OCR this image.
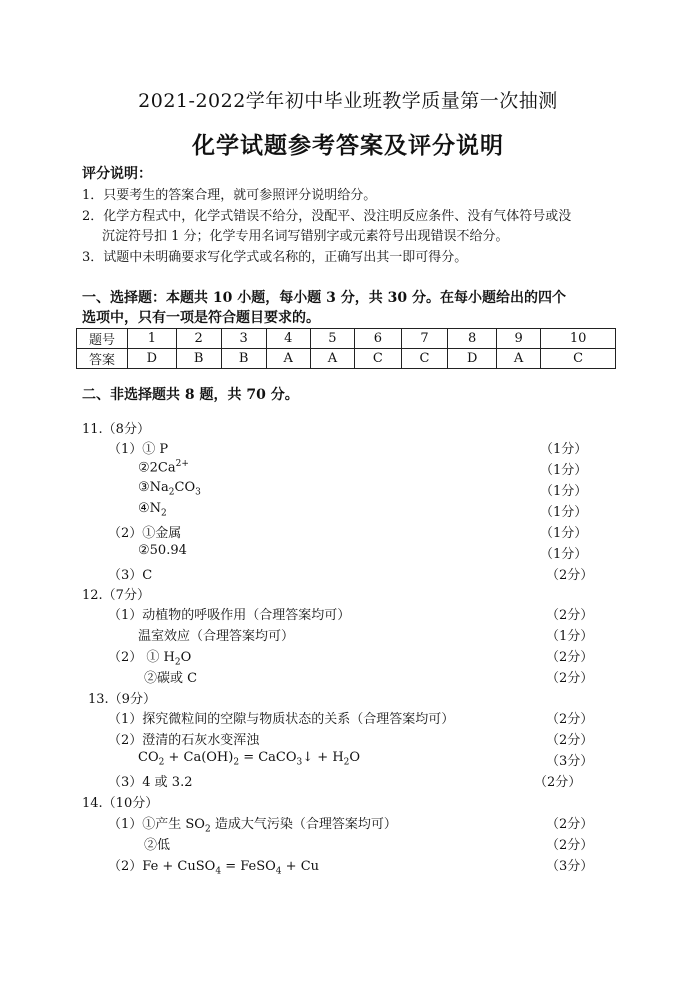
2021-2022学年初中毕业班教学质量第一次抽测
化学试题参考答案及评分说明
评分说明：
1．只要考生的答案合理，就可参照评分说明给分。
2．化学方程式中，化学式错误不给分，没配平、没注明反应条件、没有气体符号或没
沉淀符号扣 1 分；化学专用名词写错别字或元素符号出现错误不给分。
3．试题中未明确要求写化学式或名称的，正确写出其一即可得分。
一、选择题：本题共 10 小题，每小题 3 分，共 30 分。在每小题给出的四个
选项中，只有一项是符合题目要求的。
题号	1	2	3	4	5	6	7	8	9	10
答案	D	B	B	A	A	C	C	D	A	C
二、非选择题共 8 题，共 70 分。
11.（8分）
（1）① P	（1分）
$②2Ca^{2+}$	（1分）
$③Na_2CO_3$	（1分）
$④N_2$	（1分）
（2）①金属	（1分）
②50.94	（1分）
（3）C	（2分）
12.（7分）
（1）动植物的呼吸作用（合理答案均可）	（2分）
温室效应（合理答案均可）	（1分）
（2） ① $H_2O$	（2分）
②碳或 C	（2分）
13.（9分）
（1）探究微粒间的空隙与物质状态的关系（合理答案均可）	（2分）
（2）澄清的石灰水变浑浊	（2分）
$CO_2 + Ca(OH)_2$ = CaCO$_3$↓ + $H_2O$	（3分）
（3）4 或 3.2	（2分）
14.（10分）
（1）①产生 $SO_2$ 造成大气污染（合理答案均可）	（2分）
②低	（2分）
（2）Fe + CuSO$_4$ = FeSO$_4$ + Cu	（3分）
